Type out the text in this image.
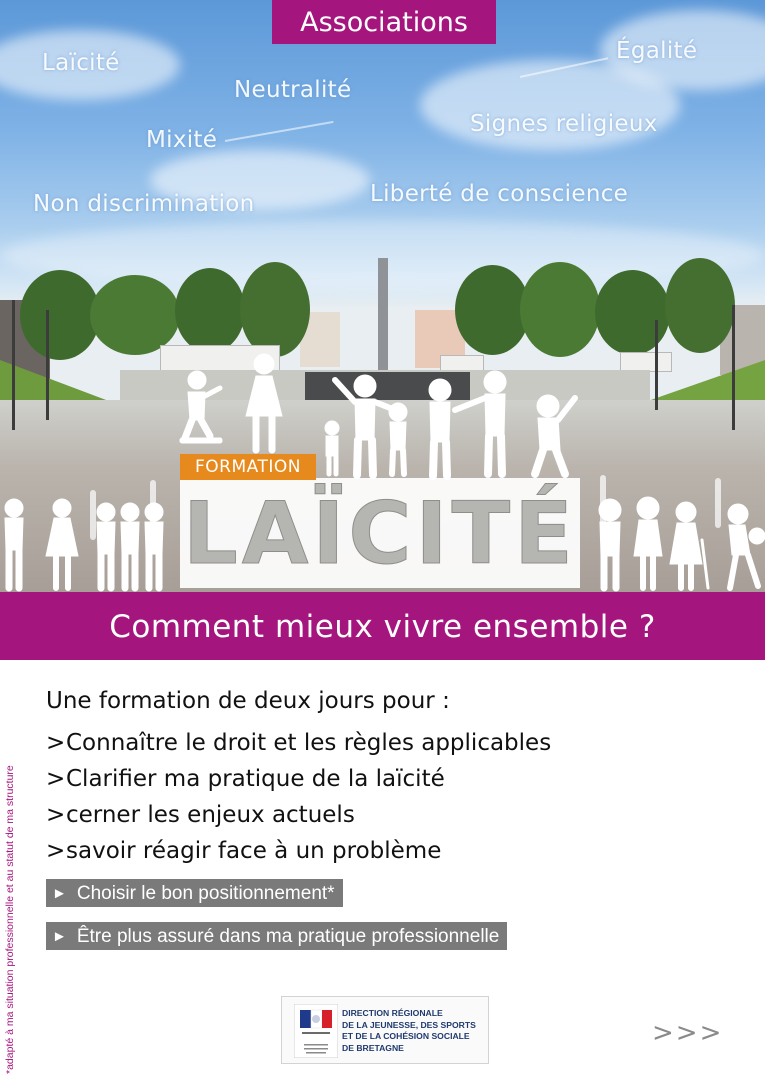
Associations
Laïcité
Neutralité
Égalité
Mixité
Signes religieux
Non discrimination	Liberté de conscience
LAÏCITÉ
FORMATION
Comment mieux vivre ensemble ?
Une formation de deux jours pour :
>Connaître le droit et les règles applicables
>Clarifier ma pratique de la laïcité
>cerner les enjeux actuels
>savoir réagir face à un problème
► Choisir le bon positionnement*
► Être plus assuré dans ma pratique professionnelle
*adapté à ma situation professionnelle et au statut de ma structure	DIRECTION RÉGIONALE
DE LA JEUNESSE, DES SPORTS
ET DE LA COHÉSION SOCIALE
DE BRETAGNE	>>>
